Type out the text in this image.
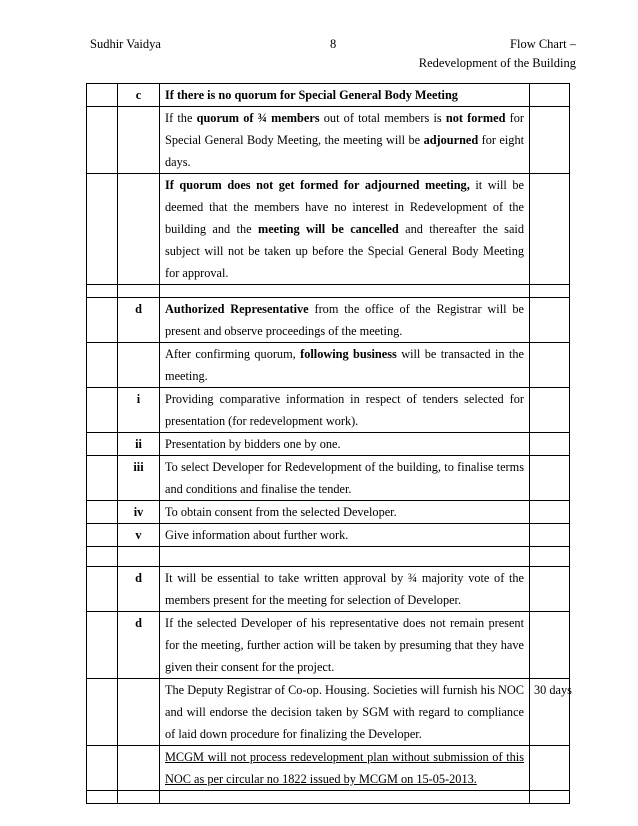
Sudhir Vaidya	8	Flow Chart –
Redevelopment of the Building
	c	If there is no quorum for Special General Body Meeting	
		If the quorum of ¾ members out of total members is not formed for Special General Body Meeting, the meeting will be adjourned for eight days.	
		If quorum does not get formed for adjourned meeting, it will be deemed that the members have no interest in Redevelopment of the building and the meeting will be cancelled and thereafter the said subject will not be taken up before the Special General Body Meeting for approval.	

	d	Authorized Representative from the office of the Registrar will be present and observe proceedings of the meeting.	
		After confirming quorum, following business will be transacted in the meeting.	
	i	Providing comparative information in respect of tenders selected for presentation (for redevelopment work).	
	ii	Presentation by bidders one by one.	
	iii	To select Developer for Redevelopment of the building, to finalise terms and conditions and finalise the tender.	
	iv	To obtain consent from the selected Developer.	
	v	Give information about further work.	

	d	It will be essential to take written approval by ¾ majority vote of the members present for the meeting for selection of Developer.	
	d	If the selected Developer of his representative does not remain present for the meeting, further action will be taken by presuming that they have given their consent for the project.	
		The Deputy Registrar of Co-op. Housing. Societies will furnish his NOC and will endorse the decision taken by SGM with regard to compliance of laid down procedure for finalizing the Developer.	30 days
		MCGM will not process redevelopment plan without submission of this NOC as per circular no 1822 issued by MCGM on 15-05-2013.	
